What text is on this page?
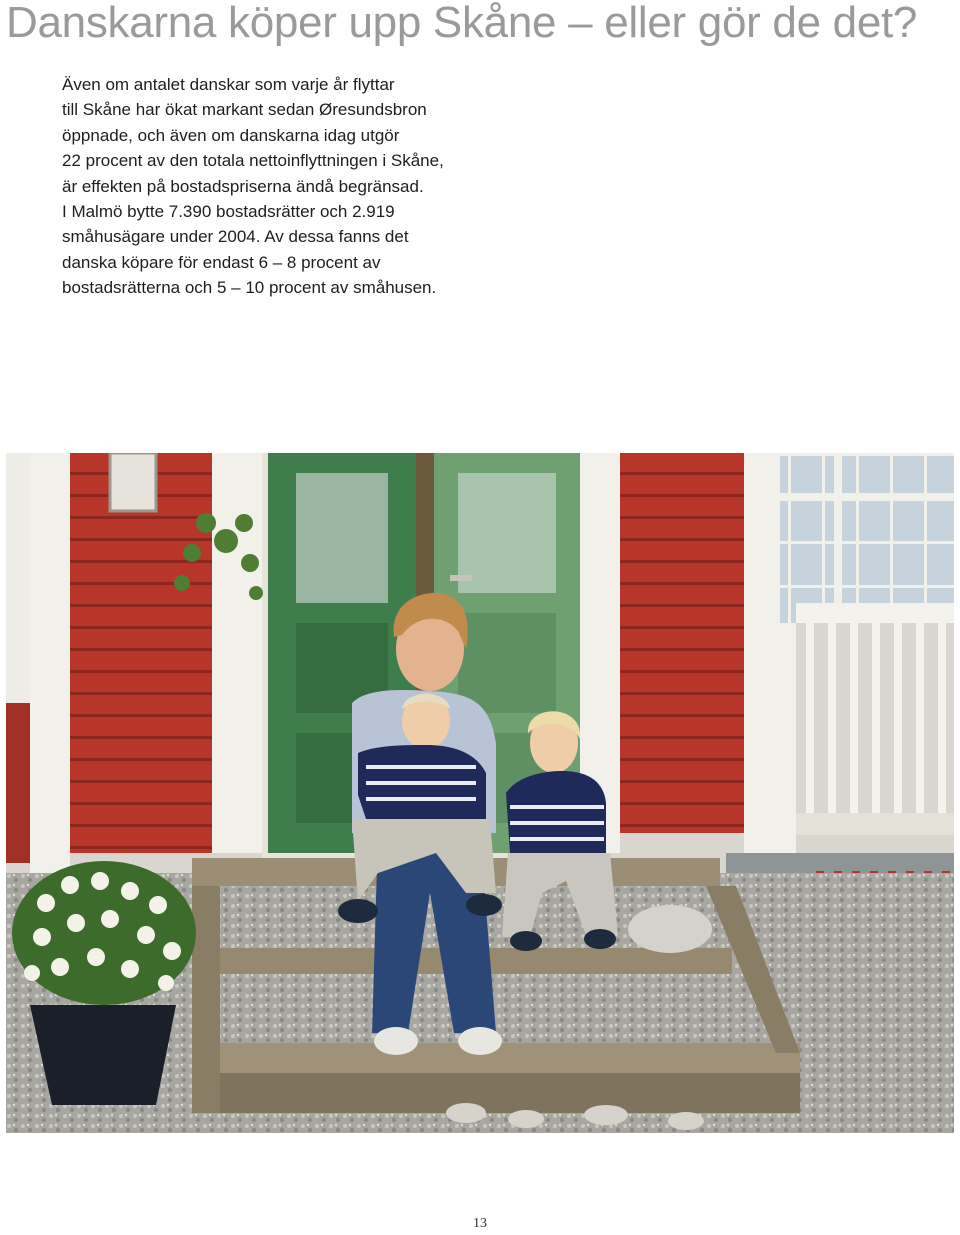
Danskarna köper upp Skåne – eller gör de det?
Även om antalet danskar som varje år flyttar
till Skåne har ökat markant sedan Øresundsbron
öppnade, och även om danskarna idag utgör
22 procent av den totala nettoinflyttningen i Skåne,
är effekten på bostadspriserna ändå begränsad.
I Malmö bytte 7.390 bostadsrätter och 2.919
småhusägare under 2004. Av dessa fanns det
danska köpare för endast 6 – 8 procent av
bostadsrätterna och 5 – 10 procent av småhusen.
13
